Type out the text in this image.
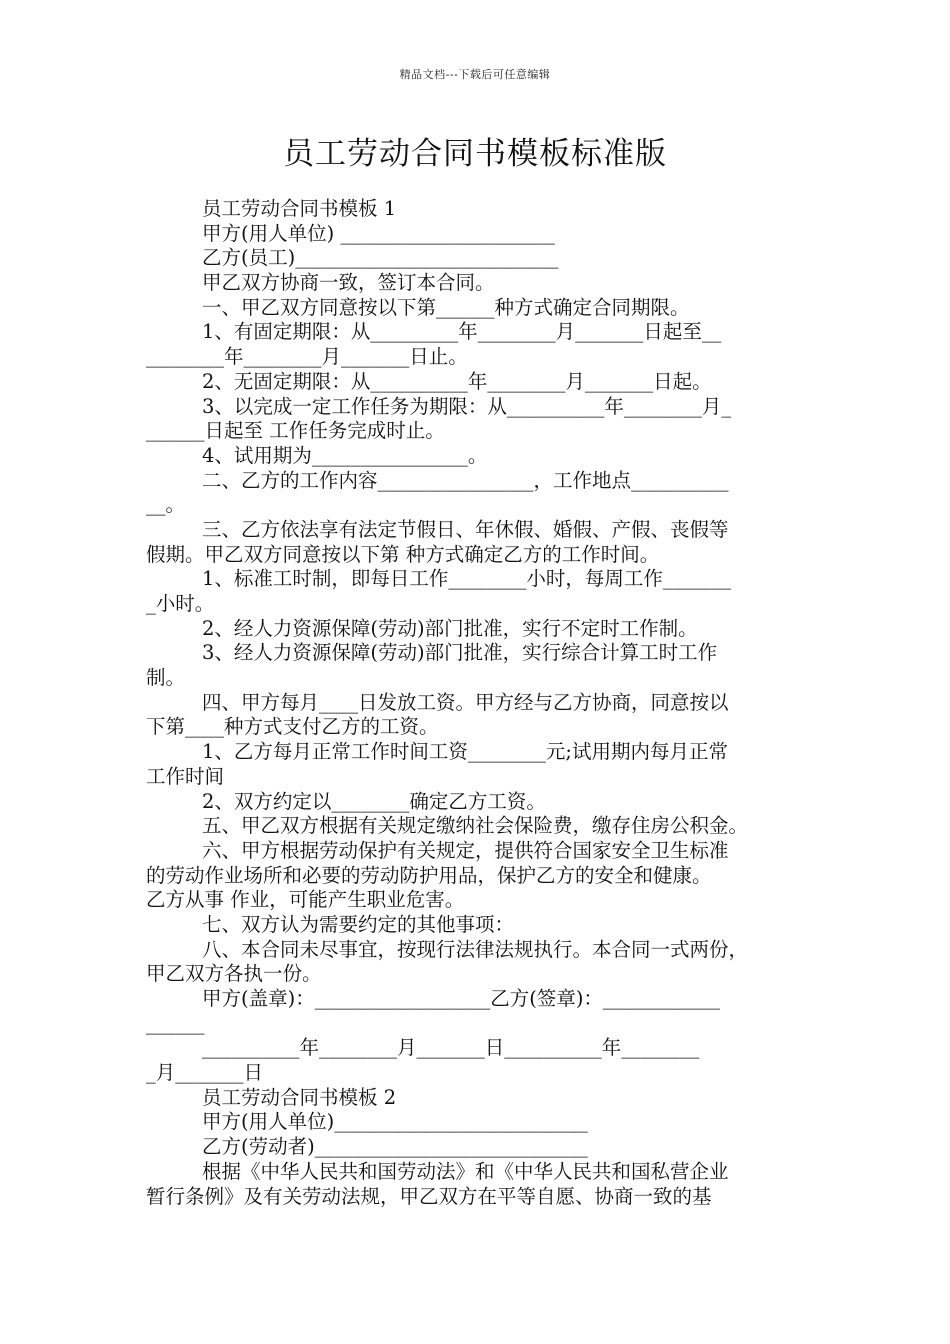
精品文档---下载后可任意编辑
员工劳动合同书模板标准版
员工劳动合同书模板 1
甲方(用人单位) ______________________
乙方(员工)___________________________
甲乙双方协商一致，签订本合同。
一、甲乙双方同意按以下第______种方式确定合同期限。
1、有固定期限：从_________年________月_______日起至__
________年________月_______日止。
2、无固定期限：从__________年________月_______日起。
3、以完成一定工作任务为期限：从__________年________月_
______日起至 工作任务完成时止。
4、试用期为________________。
二、乙方的工作内容________________，工作地点__________
__。
三、乙方依法享有法定节假日、年休假、婚假、产假、丧假等
假期。甲乙双方同意按以下第 种方式确定乙方的工作时间。
1、标准工时制，即每日工作________小时，每周工作_______
_小时。
2、经人力资源保障(劳动)部门批准，实行不定时工作制。
3、经人力资源保障(劳动)部门批准，实行综合计算工时工作
制。
四、甲方每月____日发放工资。甲方经与乙方协商，同意按以
下第____种方式支付乙方的工资。
1、乙方每月正常工作时间工资________元;试用期内每月正常
工作时间
2、双方约定以________确定乙方工资。
五、甲乙双方根据有关规定缴纳社会保险费，缴存住房公积金。
六、甲方根据劳动保护有关规定，提供符合国家安全卫生标准
的劳动作业场所和必要的劳动防护用品，保护乙方的安全和健康。
乙方从事 作业，可能产生职业危害。
七、双方认为需要约定的其他事项：
八、本合同未尽事宜，按现行法律法规执行。本合同一式两份，
甲乙双方各执一份。
甲方(盖章)：__________________乙方(签章)：____________
______
__________年________月_______日__________年________
_月_______日
员工劳动合同书模板 2
甲方(用人单位)__________________________
乙方(劳动者)____________________________
根据《中华人民共和国劳动法》和《中华人民共和国私营企业
暂行条例》及有关劳动法规，甲乙双方在平等自愿、协商一致的基
